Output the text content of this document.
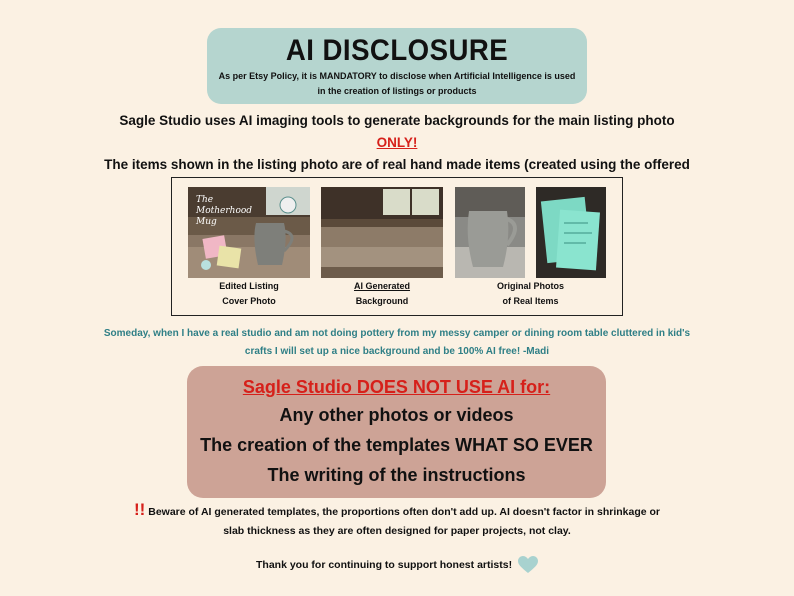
AI DISCLOSURE
As per Etsy Policy, it is MANDATORY to disclose when Artificial Intelligence is used in the creation of listings or products
Sagle Studio uses AI imaging tools to generate backgrounds for the main listing photo ONLY!
The items shown in the listing photo are of real hand made items (created using the offered
The Motherhood Mug
Edited Listing
Cover Photo
AI Generated
Background
Original Photos
of Real Items
Someday, when I have a real studio and am not doing pottery from my messy camper or dining room table cluttered in kid's crafts I will set up a nice background and be 100% AI free! -Madi
Sagle Studio DOES NOT USE AI for:
Any other photos or videos
The creation of the templates WHAT SO EVER
The writing of the instructions
!! Beware of AI generated templates, the proportions often don't add up. AI doesn't factor in shrinkage or slab thickness as they are often designed for paper projects, not clay.
Thank you for continuing to support honest artists!
